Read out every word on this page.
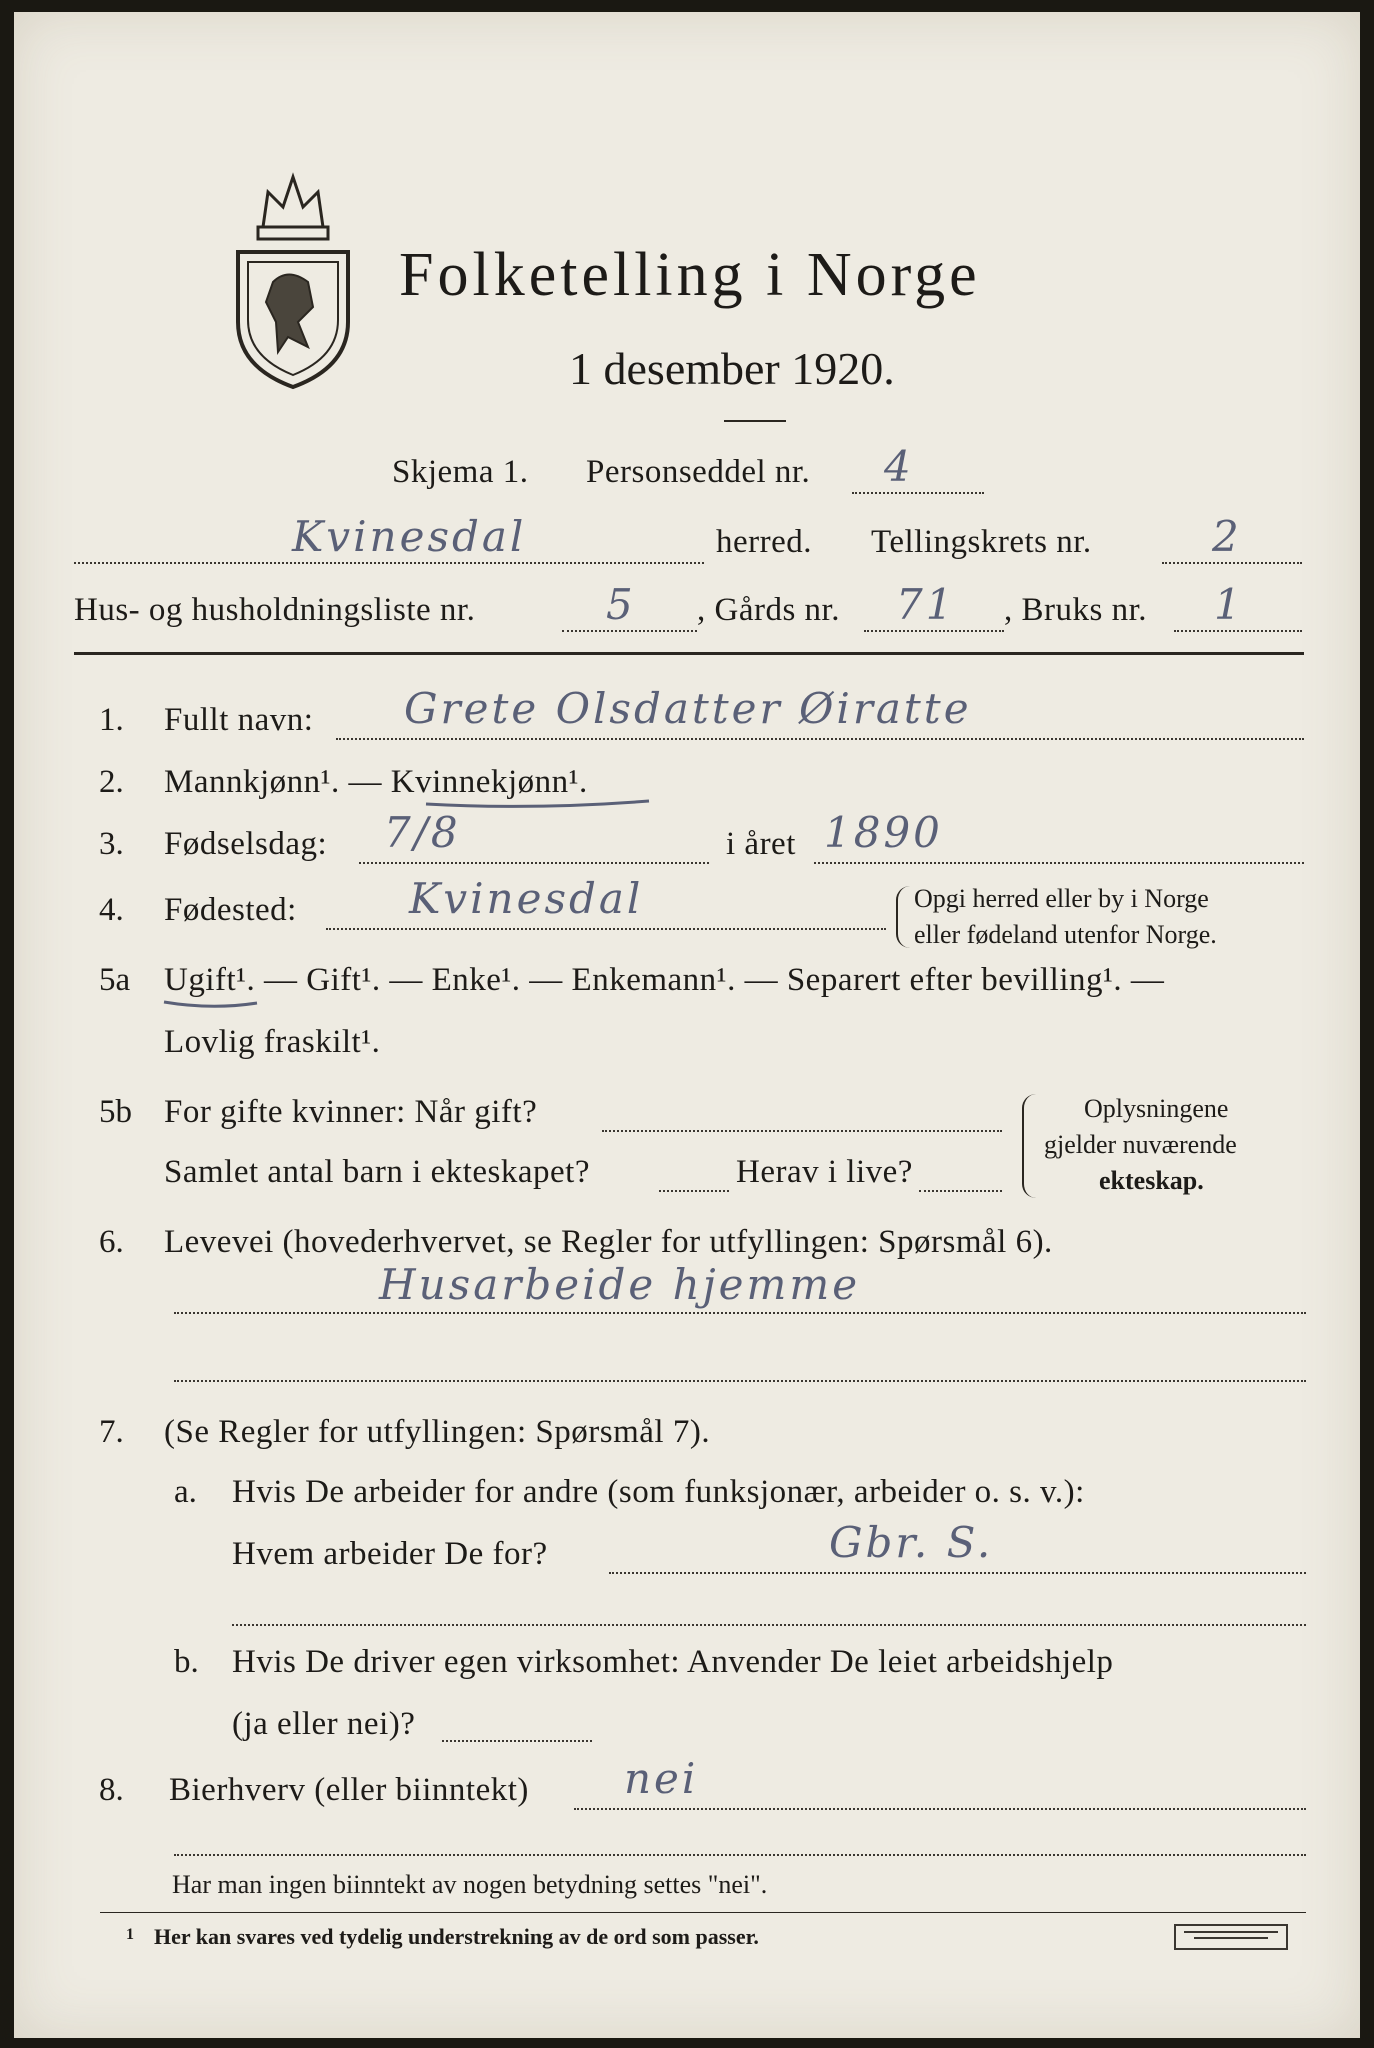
Folketelling i Norge
1 desember 1920.
Skjema 1. Personseddel nr. 4
Kvinesdal	herred. Tellingskrets nr.	2
Hus- og husholdningsliste nr.	5 , Gårds nr. 71 , Bruks nr. 1
1. Fullt navn: Grete Olsdatter Øiratte
2. Mannkjønn¹. — Kvinnekjønn¹.
3. Fødselsdag: 7/8	i året 1890
4. Fødested:	Kvinesdal	Opgi herred eller by i Norge
eller fødeland utenfor Norge.
5a Ugift¹. — Gift¹. — Enke¹. — Enkemann¹. — Separert efter bevilling¹. —
Lovlig fraskilt¹.
5b For gifte kvinner: Når gift?
Samlet antal barn i ekteskapet?	Herav i live?
Oplysningene
gjelder nuværende
ekteskap.
6. Levevei (hovederhvervet, se Regler for utfyllingen: Spørsmål 6).
Husarbeide hjemme
7. (Se Regler for utfyllingen: Spørsmål 7).
a. Hvis De arbeider for andre (som funksjonær, arbeider o. s. v.):
Hvem arbeider De for?	Gbr. S.
b. Hvis De driver egen virksomhet: Anvender De leiet arbeidshjelp
(ja eller nei)?
8. Bierhverv (eller biinntekt) nei
Har man ingen biinntekt av nogen betydning settes "nei".
1 Her kan svares ved tydelig understrekning av de ord som passer.
